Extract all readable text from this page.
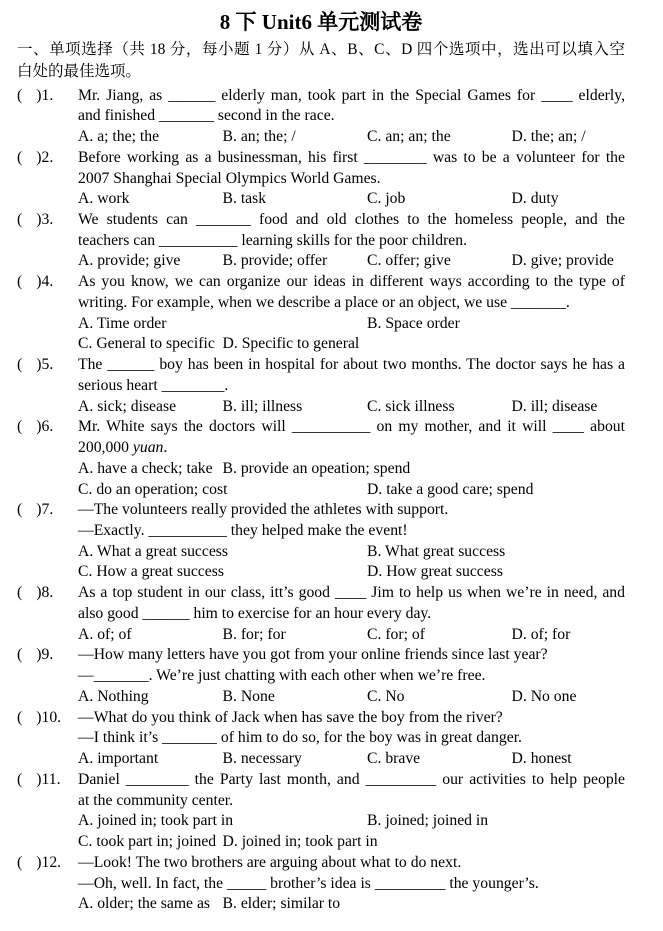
8 下 Unit6 单元测试卷
一、单项选择（共 18 分，每小题 1 分）从 A、B、C、D 四个选项中，选出可以填入空
白处的最佳选项。
( )1.	Mr. Jiang, as ______ elderly man, took part in the Special Games for ____ elderly,
and finished _______ second in the race.
A. a; the; the	B. an; the; /	C. an; an; the	D. the; an; /
( )2.	Before working as a businessman, his first ________ was to be a volunteer for the
2007 Shanghai Special Olympics World Games.
A. work	B. task	C. job	D. duty
( )3.	We students can _______ food and old clothes to the homeless people, and the
teachers can __________ learning skills for the poor children.
A. provide; give	B. provide; offer	C. offer; give	D. give; provide
( )4.	As you know, we can organize our ideas in different ways according to the type of
writing. For example, when we describe a place or an object, we use _______.
A. Time order	B. Space order
C. General to specific D. Specific to general
( )5.	The ______ boy has been in hospital for about two months. The doctor says he has a
serious heart ________.
A. sick; disease	B. ill; illness	C. sick illness	D. ill; disease
( )6.	Mr. White says the doctors will __________ on my mother, and it will ____ about
200,000 yuan.
A. have a check; take B. provide an opeation; spend
C. do an operation; cost	D. take a good care; spend
( )7.	—The volunteers really provided the athletes with support.
—Exactly. __________ they helped make the event!
A. What a great success	B. What great success
C. How a great success	D. How great success
( )8.	As a top student in our class, itt’s good ____ Jim to help us when we’re in need, and
also good ______ him to exercise for an hour every day.
A. of; of	B. for; for	C. for; of	D. of; for
( )9.	—How many letters have you got from your online friends since last year?
—_______. We’re just chatting with each other when we’re free.
A. Nothing	B. None	C. No	D. No one
( )10.	—What do you think of Jack when has save the boy from the river?
—I think it’s _______ of him to do so, for the boy was in great danger.
A. important	B. necessary	C. brave	D. honest
( )11.	Daniel ________ the Party last month, and _________ our activities to help people
at the community center.
A. joined in; took part in	B. joined; joined in
C. took part in; joined D. joined in; took part in
( )12.	—Look! The two brothers are arguing about what to do next.
—Oh, well. In fact, the _____ brother’s idea is _________ the younger’s.
A. older; the same as B. elder; similar to
